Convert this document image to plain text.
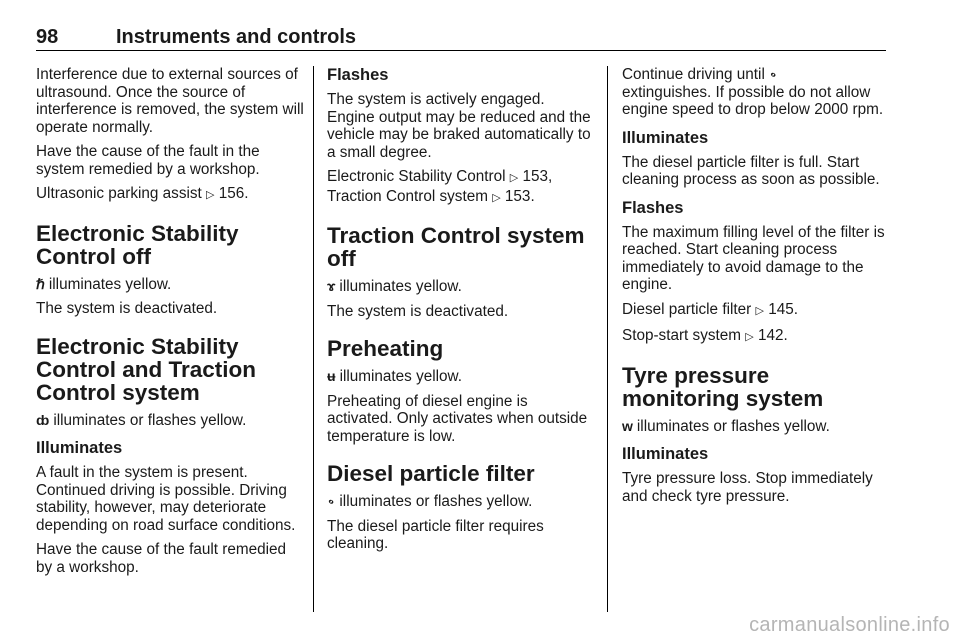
98	Instruments and controls

Interference due to external sources of ultrasound. Once the source of interference is removed, the system will operate normally.

Have the cause of the fault in the system remedied by a workshop.

Ultrasonic parking assist ▷ 156.

Electronic Stability Control off

ℏ illuminates yellow.

The system is deactivated.

Electronic Stability Control and Traction Control system

ȸ illuminates or flashes yellow.

Illuminates

A fault in the system is present. Continued driving is possible. Driving stability, however, may deteriorate depending on road surface conditions.

Have the cause of the fault remedied by a workshop.

Flashes

The system is actively engaged. Engine output may be reduced and the vehicle may be braked automatically to a small degree.

Electronic Stability Control ▷ 153,
Traction Control system ▷ 153.

Traction Control system off

ɤ illuminates yellow.

The system is deactivated.

Preheating

ʉ illuminates yellow.

Preheating of diesel engine is activated. Only activates when outside temperature is low.

Diesel particle filter

꠶ illuminates or flashes yellow.

The diesel particle filter requires cleaning.

Continue driving until ꠶
extinguishes. If possible do not allow engine speed to drop below 2000 rpm.

Illuminates

The diesel particle filter is full. Start cleaning process as soon as possible.

Flashes

The maximum filling level of the filter is reached. Start cleaning process immediately to avoid damage to the engine.

Diesel particle filter ▷ 145.

Stop-start system ▷ 142.

Tyre pressure monitoring system

w illuminates or flashes yellow.

Illuminates

Tyre pressure loss. Stop immediately and check tyre pressure.

carmanualsonline.info
